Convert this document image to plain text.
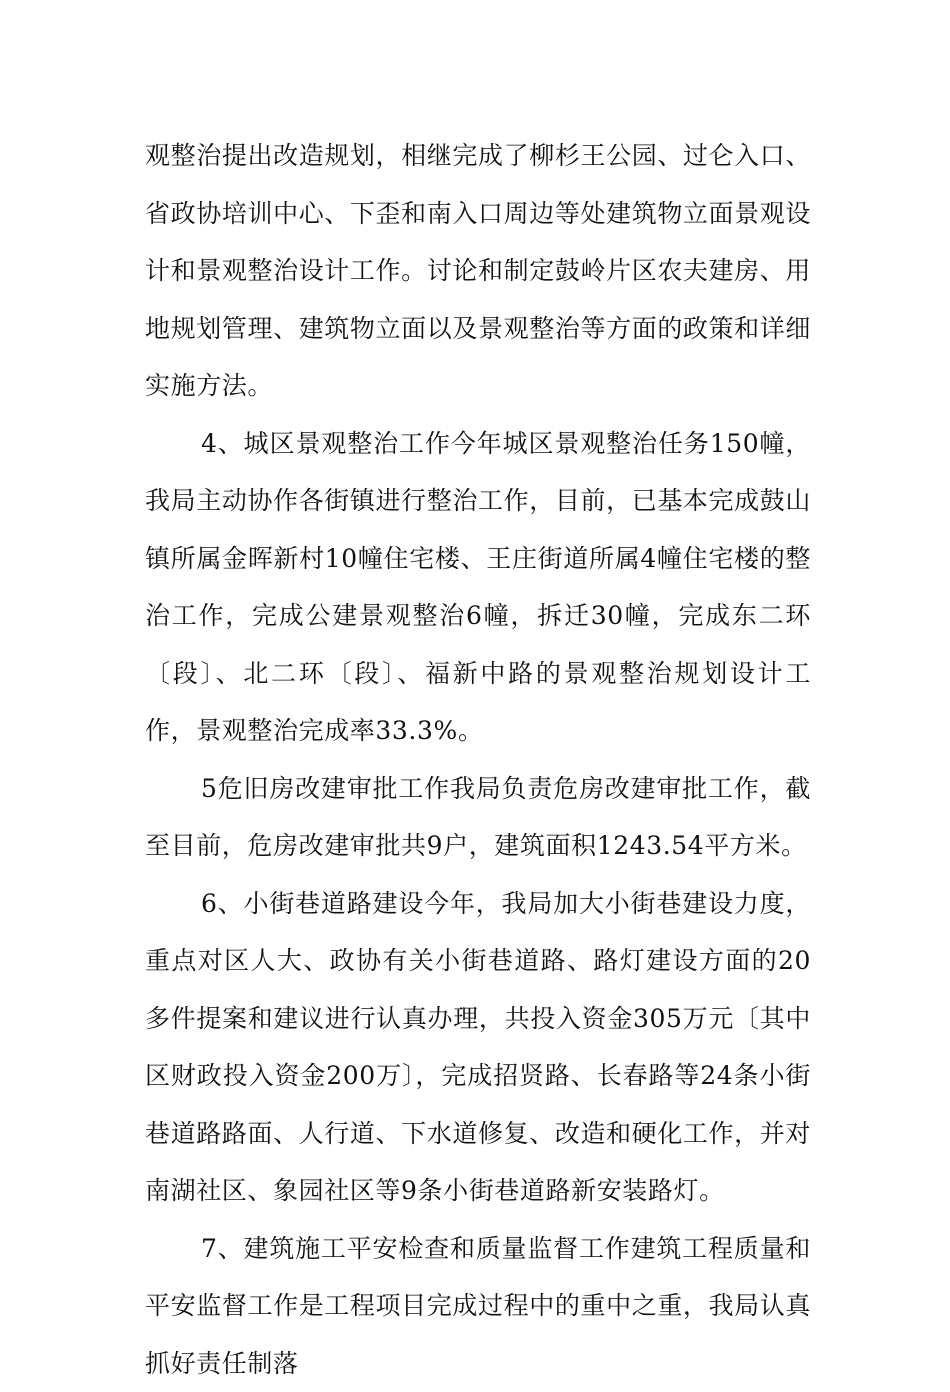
观整治提出改造规划，相继完成了柳杉王公园、过仑入口、省政协培训中心、下歪和南入口周边等处建筑物立面景观设计和景观整治设计工作。讨论和制定鼓岭片区农夫建房、用地规划管理、建筑物立面以及景观整治等方面的政策和详细实施方法。

4、城区景观整治工作今年城区景观整治任务150幢，我局主动协作各街镇进行整治工作，目前，已基本完成鼓山镇所属金晖新村10幢住宅楼、王庄街道所属4幢住宅楼的整治工作，完成公建景观整治6幢，拆迁30幢，完成东二环〔段〕、北二环〔段〕、福新中路的景观整治规划设计工作，景观整治完成率33.3%。

5危旧房改建审批工作我局负责危房改建审批工作，截至目前，危房改建审批共9户，建筑面积1243.54平方米。

6、小街巷道路建设今年，我局加大小街巷建设力度，重点对区人大、政协有关小街巷道路、路灯建设方面的20多件提案和建议进行认真办理，共投入资金305万元〔其中区财政投入资金200万〕，完成招贤路、长春路等24条小街巷道路路面、人行道、下水道修复、改造和硬化工作，并对南湖社区、象园社区等9条小街巷道路新安装路灯。

7、建筑施工平安检查和质量监督工作建筑工程质量和平安监督工作是工程项目完成过程中的重中之重，我局认真抓好责任制落
